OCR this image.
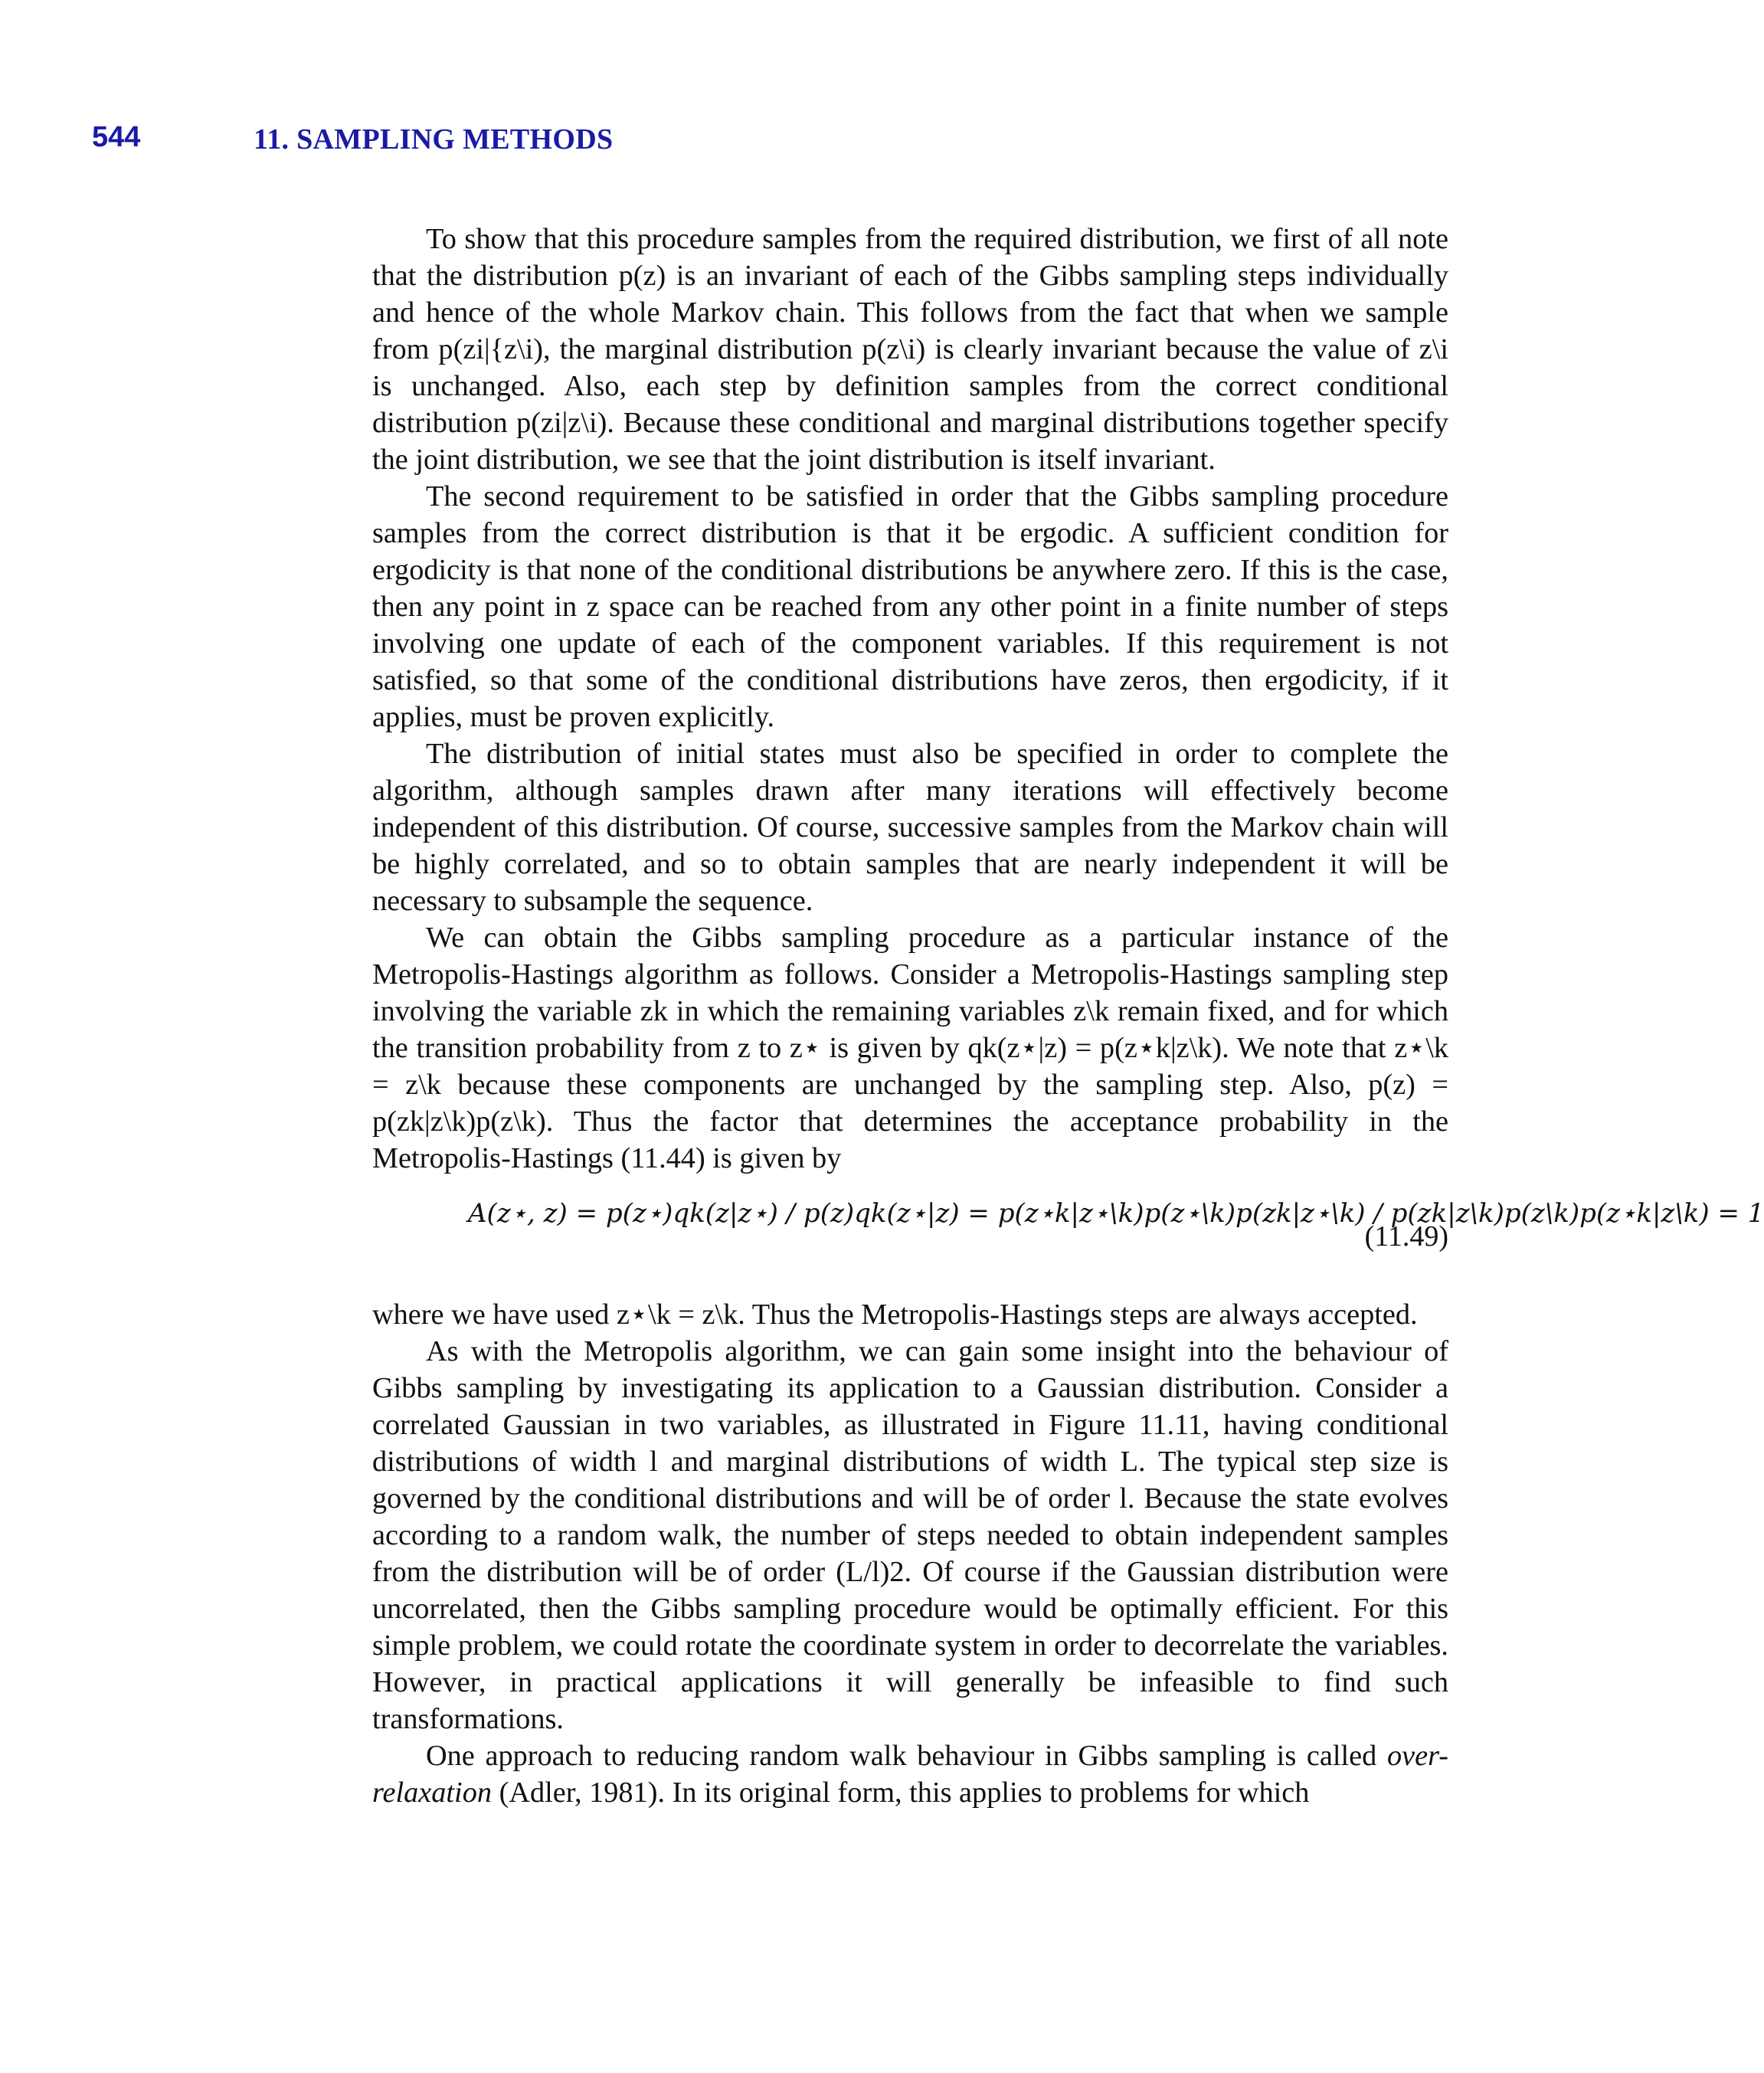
544	11. SAMPLING METHODS

To show that this procedure samples from the required distribution, we first of all note that the distribution p(z) is an invariant of each of the Gibbs sampling steps individually and hence of the whole Markov chain. This follows from the fact that when we sample from p(zi|{z\i), the marginal distribution p(z\i) is clearly invariant because the value of z\i is unchanged. Also, each step by definition samples from the correct conditional distribution p(zi|z\i). Because these conditional and marginal distributions together specify the joint distribution, we see that the joint distribution is itself invariant.

The second requirement to be satisfied in order that the Gibbs sampling procedure samples from the correct distribution is that it be ergodic. A sufficient condition for ergodicity is that none of the conditional distributions be anywhere zero. If this is the case, then any point in z space can be reached from any other point in a finite number of steps involving one update of each of the component variables. If this requirement is not satisfied, so that some of the conditional distributions have zeros, then ergodicity, if it applies, must be proven explicitly.

The distribution of initial states must also be specified in order to complete the algorithm, although samples drawn after many iterations will effectively become independent of this distribution. Of course, successive samples from the Markov chain will be highly correlated, and so to obtain samples that are nearly independent it will be necessary to subsample the sequence.

We can obtain the Gibbs sampling procedure as a particular instance of the Metropolis-Hastings algorithm as follows. Consider a Metropolis-Hastings sampling step involving the variable zk in which the remaining variables z\k remain fixed, and for which the transition probability from z to z⋆ is given by qk(z⋆|z) = p(z⋆k|z\k). We note that z⋆\k = z\k because these components are unchanged by the sampling step. Also, p(z) = p(zk|z\k)p(z\k). Thus the factor that determines the acceptance probability in the Metropolis-Hastings (11.44) is given by

A(z⋆, z) = p(z⋆)qk(z|z⋆) / p(z)qk(z⋆|z) = p(z⋆k|z⋆\k)p(z⋆\k)p(zk|z⋆\k) / p(zk|z\k)p(z\k)p(z⋆k|z\k) = 1
(11.49)

where we have used z⋆\k = z\k. Thus the Metropolis-Hastings steps are always accepted.

As with the Metropolis algorithm, we can gain some insight into the behaviour of Gibbs sampling by investigating its application to a Gaussian distribution. Consider a correlated Gaussian in two variables, as illustrated in Figure 11.11, having conditional distributions of width l and marginal distributions of width L. The typical step size is governed by the conditional distributions and will be of order l. Because the state evolves according to a random walk, the number of steps needed to obtain independent samples from the distribution will be of order (L/l)2. Of course if the Gaussian distribution were uncorrelated, then the Gibbs sampling procedure would be optimally efficient. For this simple problem, we could rotate the coordinate system in order to decorrelate the variables. However, in practical applications it will generally be infeasible to find such transformations.

One approach to reducing random walk behaviour in Gibbs sampling is called over-relaxation (Adler, 1981). In its original form, this applies to problems for which
